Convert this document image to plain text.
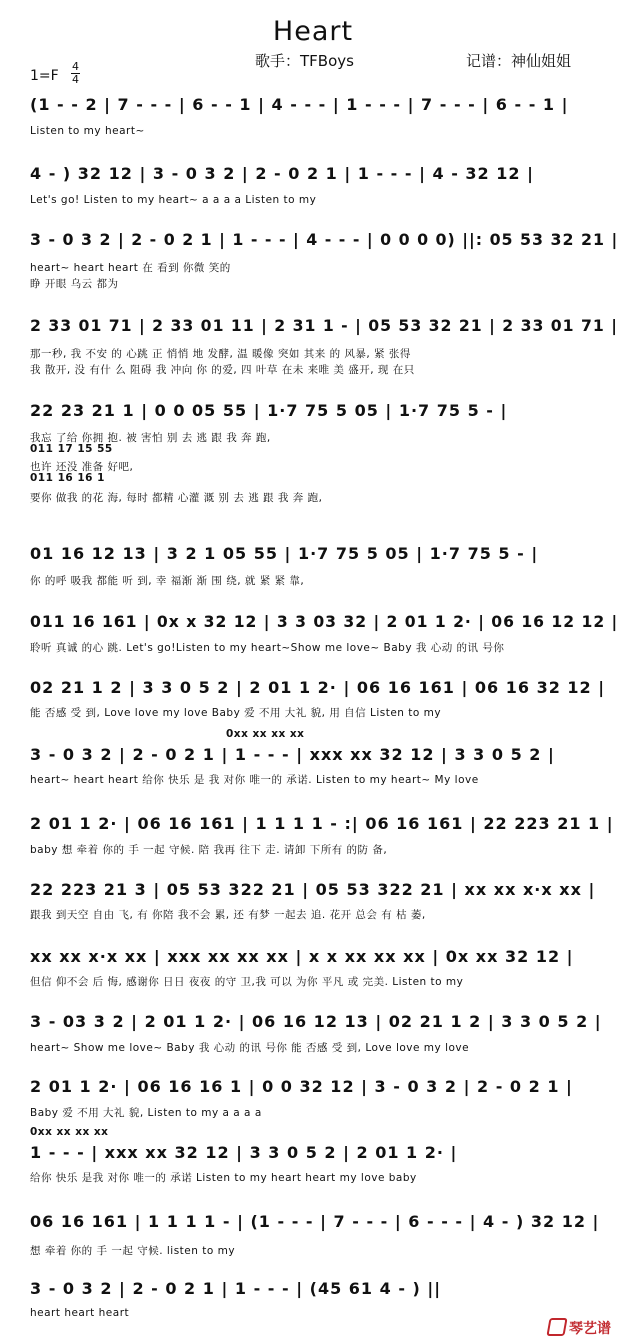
Heart
歌手：TFBoys	记谱：神仙姐姐
1=F
4
4
(1 - - 2 | 7 - - - | 6 - - 1 | 4 - - - | 1 - - - | 7 - - - | 6 - - 1 |
Listen to my heart~
4 - ) 32 12 | 3 - 0 3 2 | 2 - 0 2 1 | 1 - - - | 4 - 32 12 |
Let's go! Listen to my heart~ a a a a Listen to my
3 - 0 3 2 | 2 - 0 2 1 | 1 - - - | 4 - - - | 0 0 0 0) ||: 05 53 32 21 |
heart~ heart heart 在 看到 你微 笑的
睁 开眼 乌云 都为
2 33 01 71 | 2 33 01 11 | 2 31 1 - | 05 53 32 21 | 2 33 01 71 |
那一秒, 我 不安 的 心跳 正 悄悄 地 发酵, 温 暖像 突如 其来 的 风暴, 紧 张得
我 散开, 没 有什 么 阻碍 我 冲向 你 的爱, 四 叶草 在未 来唯 美 盛开, 现 在只
22 23 21 1 | 0 0 05 55 | 1·7 75 5 05 | 1·7 75 5 - |
我忘 了给 你拥 抱. 被 害怕 别 去 逃 跟 我 奔 跑,
011 17 15 55
也许 还没 准备 好吧,
011 16 16 1
要你 做我 的花 海, 每时 都精 心灌 溉 别 去 逃 跟 我 奔 跑,
01 16 12 13 | 3 2 1 05 55 | 1·7 75 5 05 | 1·7 75 5 - |
你 的呼 吸我 都能 听 到, 幸 福渐 渐 围 绕, 就 紧 紧 靠,
011 16 161 | 0x x 32 12 | 3 3 03 32 | 2 01 1 2· | 06 16 12 12 |
聆听 真诚 的心 跳. Let's go!Listen to my heart~Show me love~ Baby 我 心动 的讯 号你
02 21 1 2 | 3 3 0 5 2 | 2 01 1 2· | 06 16 161 | 06 16 32 12 |
能 否感 受 到, Love love my love Baby 爱 不用 大礼 貌, 用 自信 Listen to my
0xx xx xx xx
3 - 0 3 2 | 2 - 0 2 1 | 1 - - - | xxx xx 32 12 | 3 3 0 5 2 |
heart~ heart heart 给你 快乐 是 我 对你 唯一的 承诺. Listen to my heart~ My love
2 01 1 2· | 06 16 161 | 1 1 1 1 - :| 06 16 161 | 22 223 21 1 |
baby 想 牵着 你的 手 一起 守候. 陪 我再 往下 走. 请卸 下所有 的防 备,
22 223 21 3 | 05 53 322 21 | 05 53 322 21 | xx xx x·x xx |
跟我 到天空 自由 飞, 有 你陪 我不会 累, 还 有梦 一起去 追. 花开 总会 有 枯 萎,
xx xx x·x xx | xxx xx xx xx | x x xx xx xx | 0x xx 32 12 |
但信 仰不会 后 悔, 感谢你 日日 夜夜 的守 卫,我 可以 为你 平凡 或 完美. Listen to my
3 - 03 3 2 | 2 01 1 2· | 06 16 12 13 | 02 21 1 2 | 3 3 0 5 2 |
heart~ Show me love~ Baby 我 心动 的讯 号你 能 否感 受 到, Love love my love
2 01 1 2· | 06 16 16 1 | 0 0 32 12 | 3 - 0 3 2 | 2 - 0 2 1 |
Baby 爱 不用 大礼 貌, Listen to my a a a a
0xx xx xx xx
1 - - - | xxx xx 32 12 | 3 3 0 5 2 | 2 01 1 2· |
给你 快乐 是我 对你 唯一的 承诺 Listen to my heart heart my love baby
06 16 161 | 1 1 1 1 - | (1 - - - | 7 - - - | 6 - - - | 4 - ) 32 12 |
想 牵着 你的 手 一起 守候. listen to my
3 - 0 3 2 | 2 - 0 2 1 | 1 - - - | (45 61 4 - ) ||
heart heart heart
琴艺谱
